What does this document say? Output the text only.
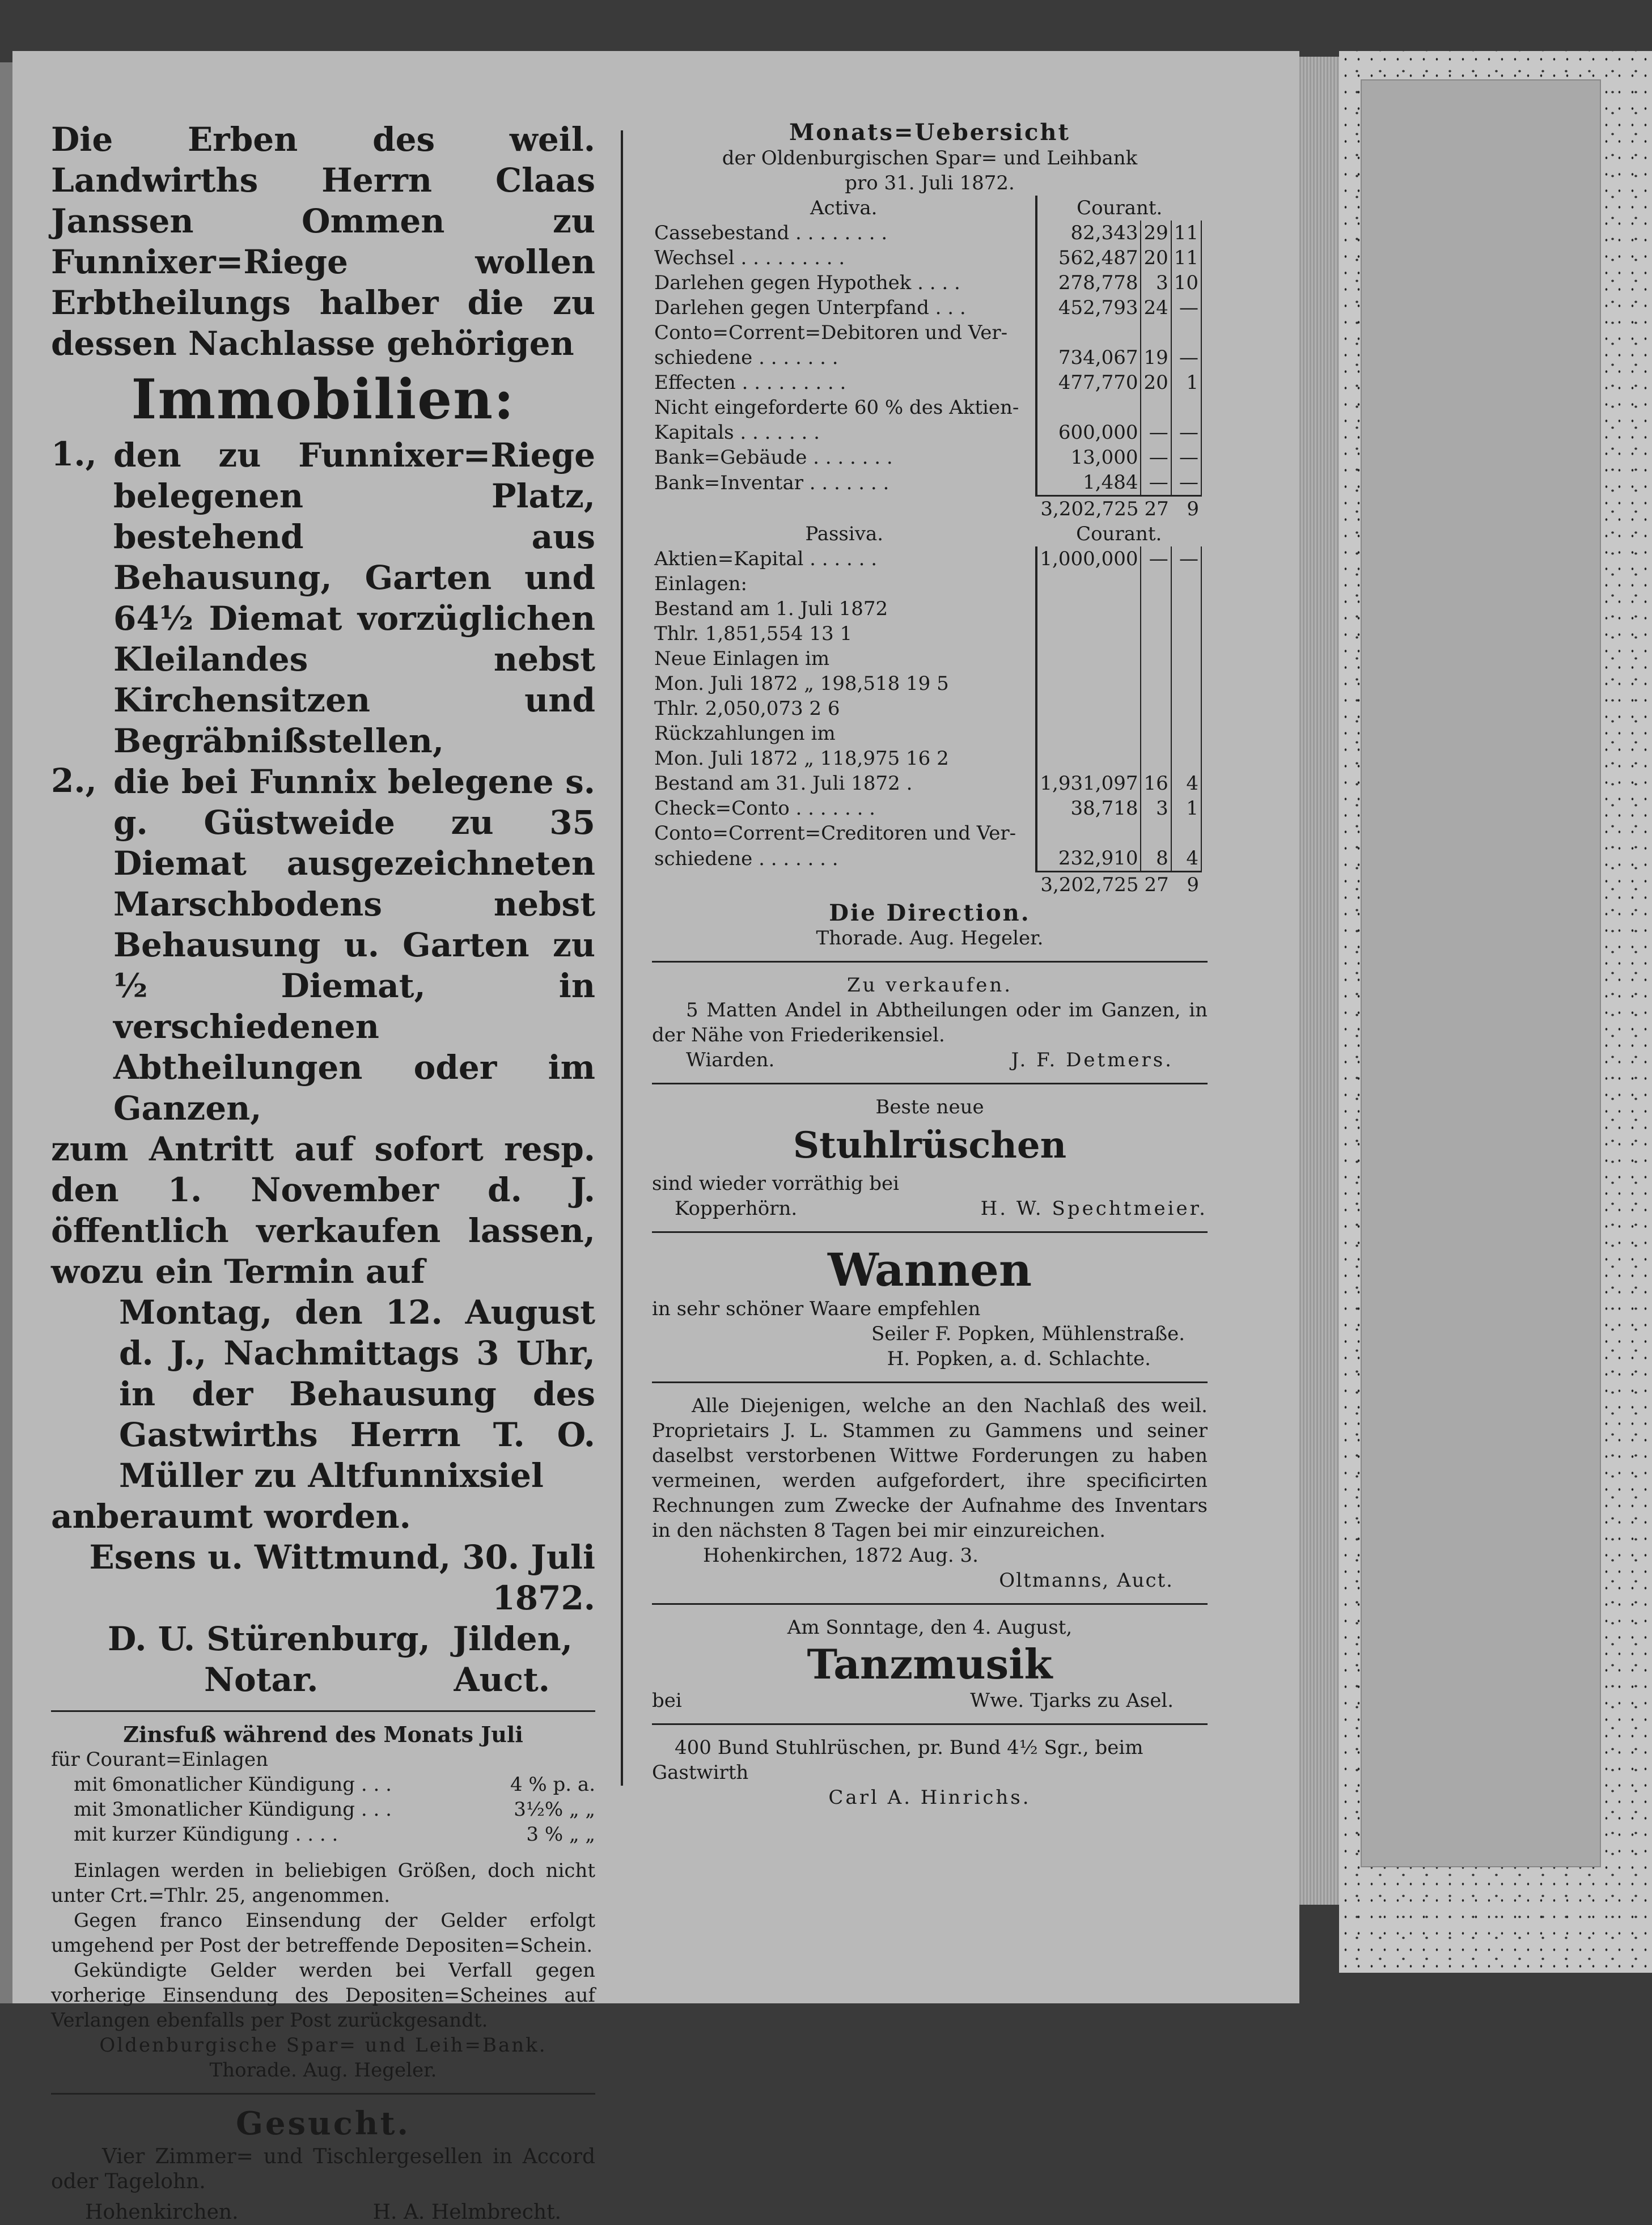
Die Erben des weil. Landwirths Herrn Claas Janssen Ommen zu Funnixer=Riege wollen Erbtheilungs halber die zu dessen Nachlasse gehörigen

Immobilien:

1., den zu Funnixer=Riege belegenen Platz, bestehend aus Behausung, Garten und 64½ Diemat vorzüglichen Kleilandes nebst Kirchensitzen und Begräbnißstellen,

2., die bei Funnix belegene s. g. Güstweide zu 35 Diemat ausgezeichneten Marschbodens nebst Behausung u. Garten zu ½ Diemat, in verschiedenen Abtheilungen oder im Ganzen,

zum Antritt auf sofort resp. den 1. November d. J. öffentlich verkaufen lassen, wozu ein Termin auf

Montag, den 12. August d. J., Nachmittags 3 Uhr, in der Behausung des Gastwirths Herrn T. O. Müller zu Altfunnixsiel

anberaumt worden.

Esens u. Wittmund, 30. Juli 1872.

D. U. Stürenburg, Jilden,
Notar.	Auct.

Zinsfuß während des Monats Juli

für Courant=Einlagen

mit 6monatlicher Kündigung . . .	4 % p. a.
mit 3monatlicher Kündigung . . .	3½% „ „
mit kurzer Kündigung . . . .	3 % „ „

Einlagen werden in beliebigen Größen, doch nicht unter Crt.=Thlr. 25, angenommen.

Gegen franco Einsendung der Gelder erfolgt umgehend per Post der betreffende Depositen=Schein.

Gekündigte Gelder werden bei Verfall gegen vorherige Einsendung des Depositen=Scheines auf Verlangen ebenfalls per Post zurückgesandt.

Oldenburgische Spar= und Leih=Bank.

Thorade. Aug. Hegeler.

Gesucht.

Vier Zimmer= und Tischlergesellen in Accord oder Tagelohn.

Hohenkirchen.	H. A. Helmbrecht.

Monats=Uebersicht

der Oldenburgischen Spar= und Leihbank

pro 31. Juli 1872.

Activa.	Courant.		
Cassebestand . . . . . . . .	82,343	29	11
Wechsel . . . . . . . . .	562,487	20	11
Darlehen gegen Hypothek . . . .	278,778	3	10
Darlehen gegen Unterpfand . . .	452,793	24	—
Conto=Corrent=Debitoren und Ver-			
schiedene . . . . . . .	734,067	19	—
Effecten . . . . . . . . .	477,770	20	1
Nicht eingeforderte 60 % des Aktien-			
Kapitals . . . . . . .	600,000	—	—
Bank=Gebäude . . . . . . .	13,000	—	—
Bank=Inventar . . . . . . .	1,484	—	—
	3,202,725	27	9
Passiva.	Courant.		
Aktien=Kapital . . . . . .	1,000,000	—	—
Einlagen:			
Bestand am 1. Juli 1872			
Thlr. 1,851,554 13 1			
Neue Einlagen im			
Mon. Juli 1872 „ 198,518 19 5			
Thlr. 2,050,073 2 6			
Rückzahlungen im			
Mon. Juli 1872 „ 118,975 16 2			
Bestand am 31. Juli 1872 .	1,931,097	16	4
Check=Conto . . . . . . .	38,718	3	1
Conto=Corrent=Creditoren und Ver-			
schiedene . . . . . . .	232,910	8	4
	3,202,725	27	9

Die Direction.

Thorade. Aug. Hegeler.

Zu verkaufen.

5 Matten Andel in Abtheilungen oder im Ganzen, in der Nähe von Friederikensiel.

Wiarden.	J. F. Detmers.

Beste neue

Stuhlrüschen

sind wieder vorräthig bei

Kopperhörn.	H. W. Spechtmeier.

Wannen

in sehr schöner Waare empfehlen

Seiler F. Popken, Mühlenstraße.

H. Popken, a. d. Schlachte.

Alle Diejenigen, welche an den Nachlaß des weil. Proprietairs J. L. Stammen zu Gammens und seiner daselbst verstorbenen Wittwe Forderungen zu haben vermeinen, werden aufgefordert, ihre specificirten Rechnungen zum Zwecke der Aufnahme des Inventars in den nächsten 8 Tagen bei mir einzureichen.

Hohenkirchen, 1872 Aug. 3.

Oltmanns, Auct.

Am Sonntage, den 4. August,

Tanzmusik

bei	Wwe. Tjarks zu Asel.

400 Bund Stuhlrüschen, pr. Bund 4½ Sgr., beim Gastwirth

Carl A. Hinrichs.
